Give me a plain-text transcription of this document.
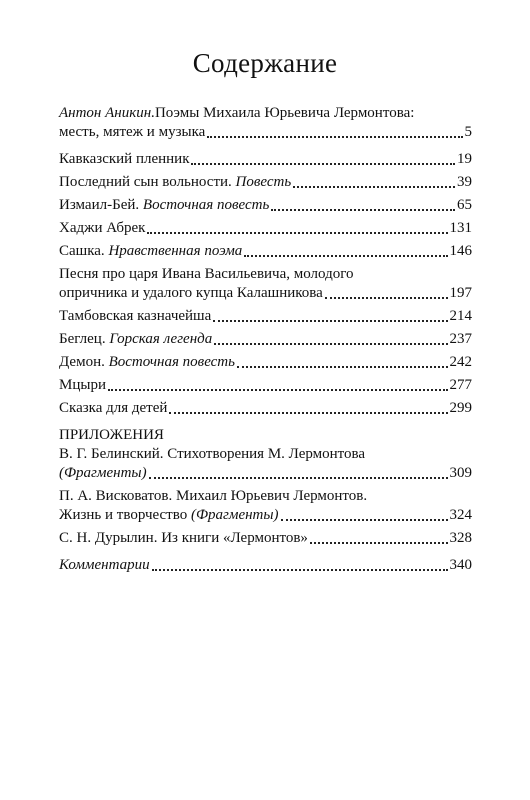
Содержание
Антон Аникин. Поэмы Михаила Юрьевича Лермонтова:
месть, мятеж и музыка	5
Кавказский пленник	19
Последний сын вольности.
Повесть	39
Измаил-Бей.
Восточная повесть	65
Хаджи Абрек	131
Сашка.
Нравственная поэма	146
Песня про царя Ивана Васильевича, молодого
опричника и удалого купца Калашникова	197
Тамбовская казначейша	214
Беглец.
Горская легенда	237
Демон.
Восточная повесть	242
Мцыри	277
Сказка для детей	299
ПРИЛОЖЕНИЯ
В. Г. Белинский. Стихотворения М. Лермонтова
(Фрагменты)	309
П. А. Висковатов. Михаил Юрьевич Лермонтов.
Жизнь и творчество
(Фрагменты)	324
С. Н. Дурылин. Из книги «Лермонтов»	328
Комментарии	340
